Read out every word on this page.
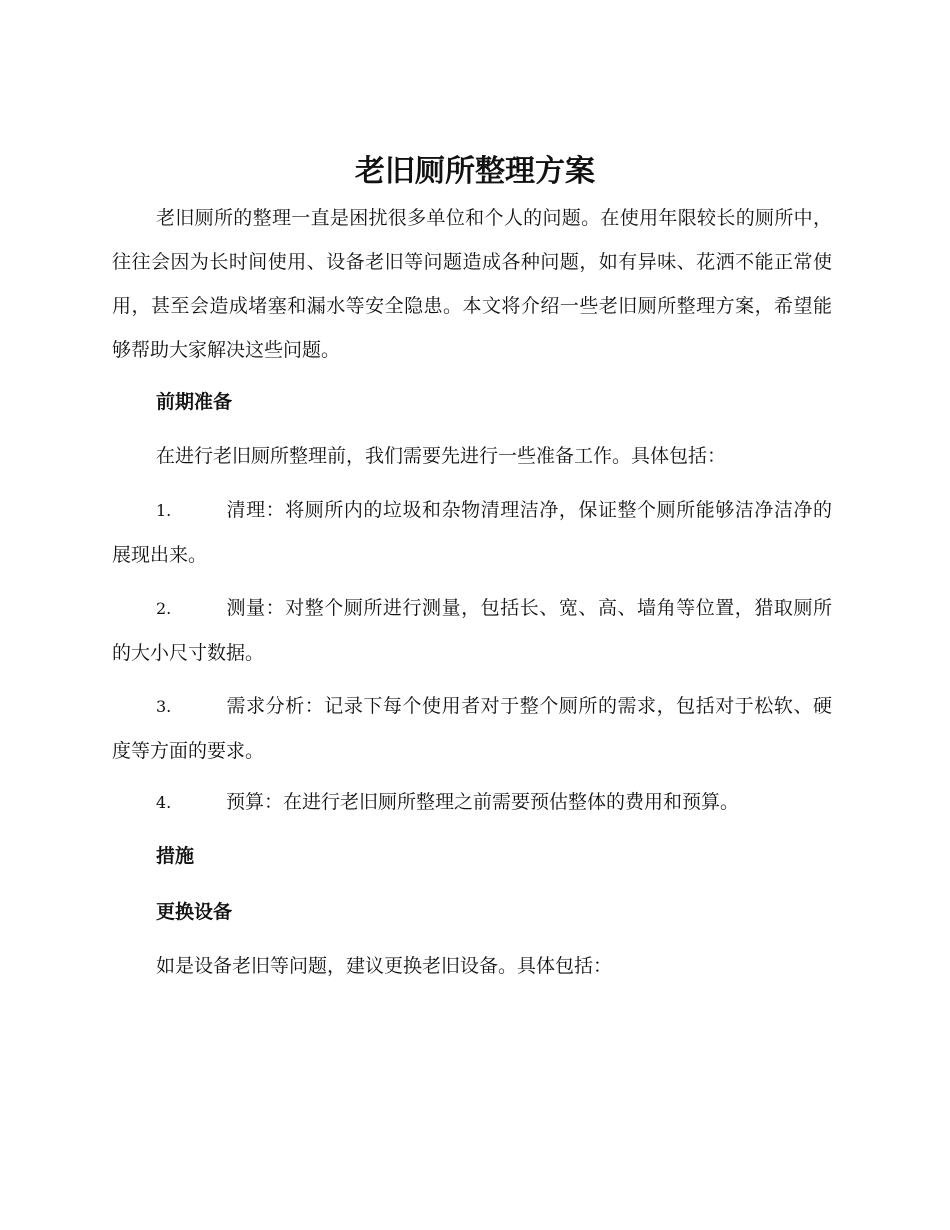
老旧厕所整理方案

老旧厕所的整理一直是困扰很多单位和个人的问题。在使用年限较长的厕所中，往往会因为长时间使用、设备老旧等问题造成各种问题，如有异味、花洒不能正常使用，甚至会造成堵塞和漏水等安全隐患。本文将介绍一些老旧厕所整理方案，希望能够帮助大家解决这些问题。

前期准备

在进行老旧厕所整理前，我们需要先进行一些准备工作。具体包括：

1.	清理：将厕所内的垃圾和杂物清理洁净，保证整个厕所能够洁净洁净的展现出来。

2.	测量：对整个厕所进行测量，包括长、宽、高、墙角等位置，猎取厕所的大小尺寸数据。

3.	需求分析：记录下每个使用者对于整个厕所的需求，包括对于松软、硬度等方面的要求。

4.	预算：在进行老旧厕所整理之前需要预估整体的费用和预算。

措施
更换设备

如是设备老旧等问题，建议更换老旧设备。具体包括：
